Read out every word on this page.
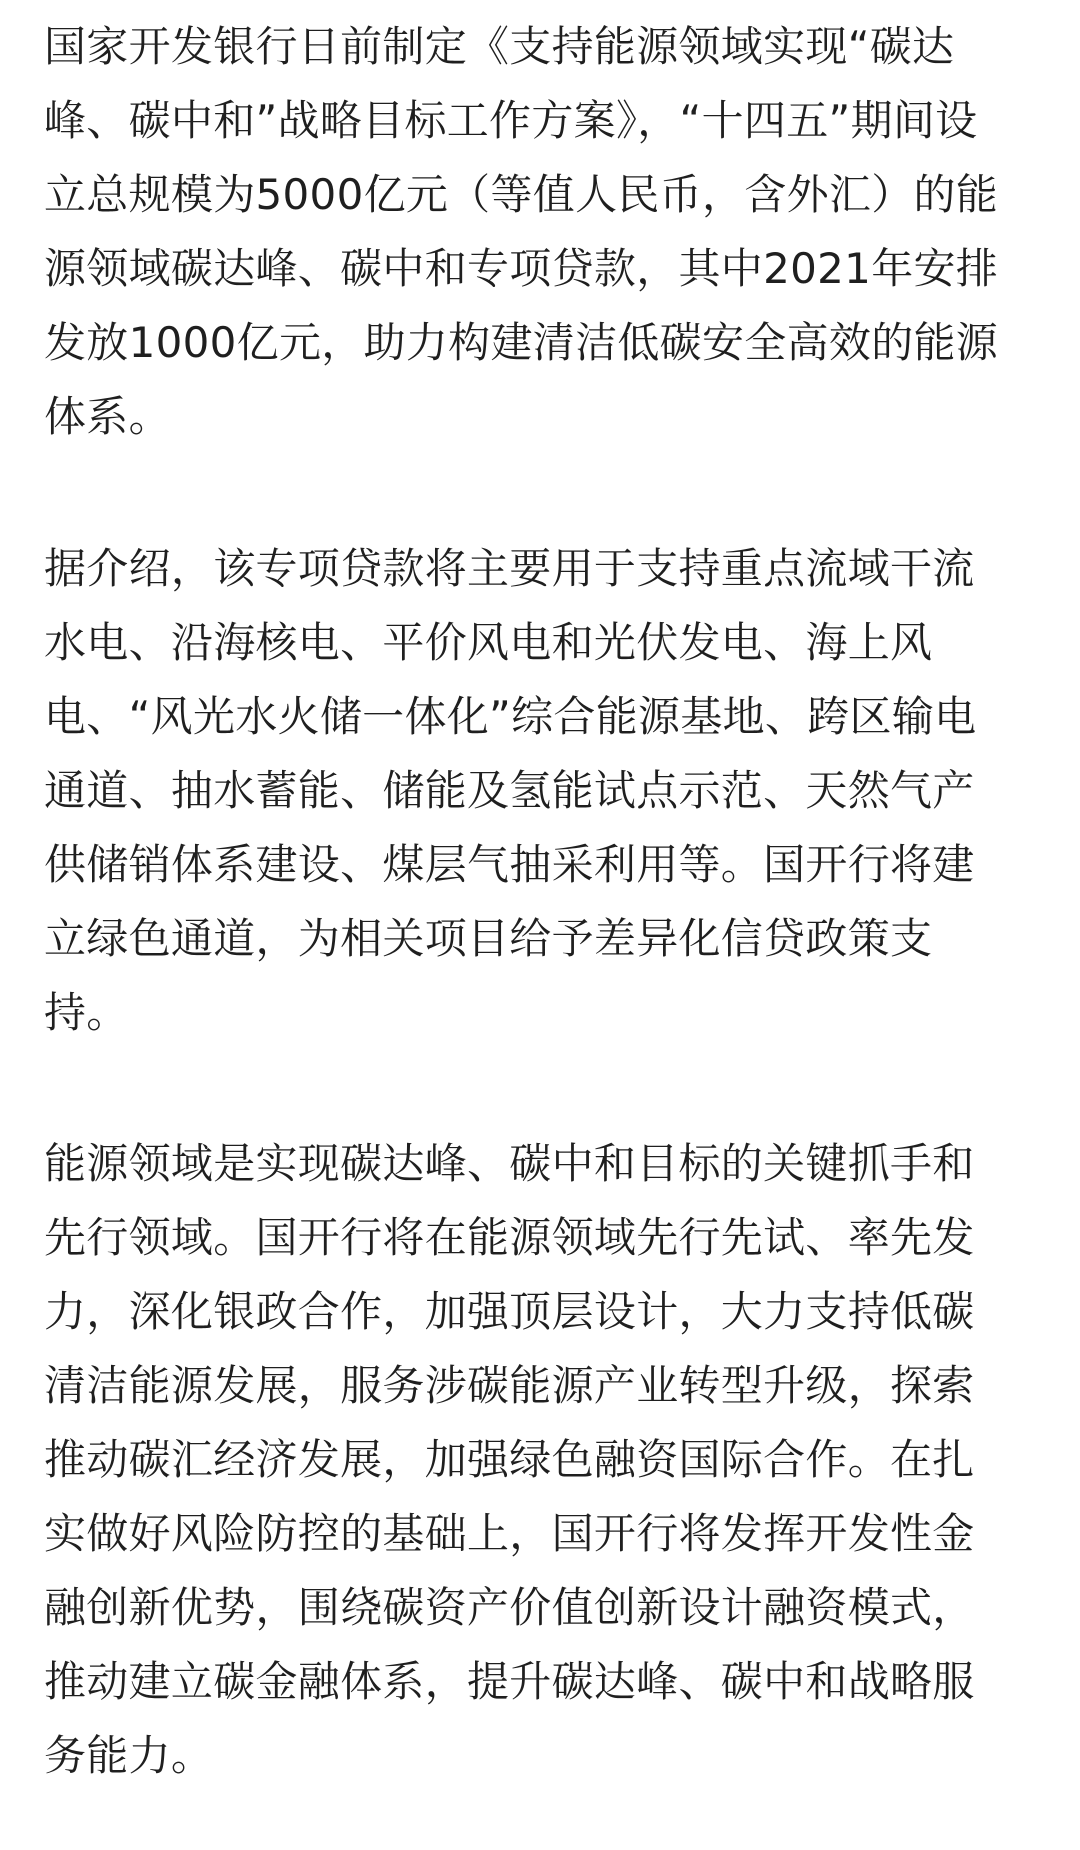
国家开发银行日前制定《支持能源领域实现“碳达
峰、碳中和”战略目标工作方案》，“十四五”期间设
立总规模为5000亿元（等值人民币，含外汇）的能
源领域碳达峰、碳中和专项贷款，其中2021年安排
发放1000亿元，助力构建清洁低碳安全高效的能源
体系。
据介绍，该专项贷款将主要用于支持重点流域干流
水电、沿海核电、平价风电和光伏发电、海上风
电、“风光水火储一体化”综合能源基地、跨区输电
通道、抽水蓄能、储能及氢能试点示范、天然气产
供储销体系建设、煤层气抽采利用等。国开行将建
立绿色通道，为相关项目给予差异化信贷政策支
持。
能源领域是实现碳达峰、碳中和目标的关键抓手和
先行领域。国开行将在能源领域先行先试、率先发
力，深化银政合作，加强顶层设计，大力支持低碳
清洁能源发展，服务涉碳能源产业转型升级，探索
推动碳汇经济发展，加强绿色融资国际合作。在扎
实做好风险防控的基础上，国开行将发挥开发性金
融创新优势，围绕碳资产价值创新设计融资模式，
推动建立碳金融体系，提升碳达峰、碳中和战略服
务能力。
